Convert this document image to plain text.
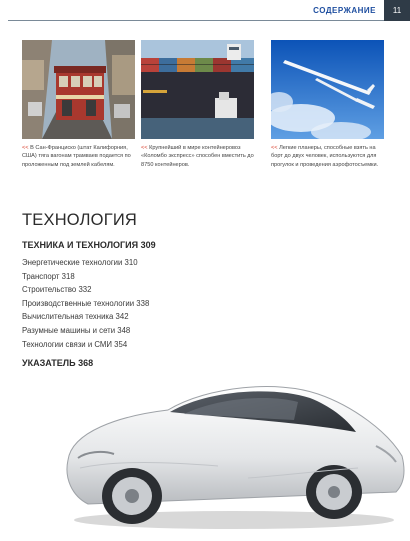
СОДЕРЖАНИЕ	11
<< В Сан-Франциско (штат Калифорния, США) тяга вагонам трамваев подается по проложенным под землей кабелям.
<< Крупнейший в мире контейнеровоз «Коломбо экспресс» способен вместить до 8750 контейнеров.
<< Легкие планеры, способные взять на борт до двух человек, используются для прогулок и проведения аэрофотосъемки.
ТЕХНОЛОГИЯ
ТЕХНИКА И ТЕХНОЛОГИЯ 309
Энергетические технологии 310
Транспорт 318
Строительство 332
Производственные технологии 338
Вычислительная техника 342
Разумные машины и сети 348
Технологии связи и СМИ 354
УКАЗАТЕЛЬ 368
